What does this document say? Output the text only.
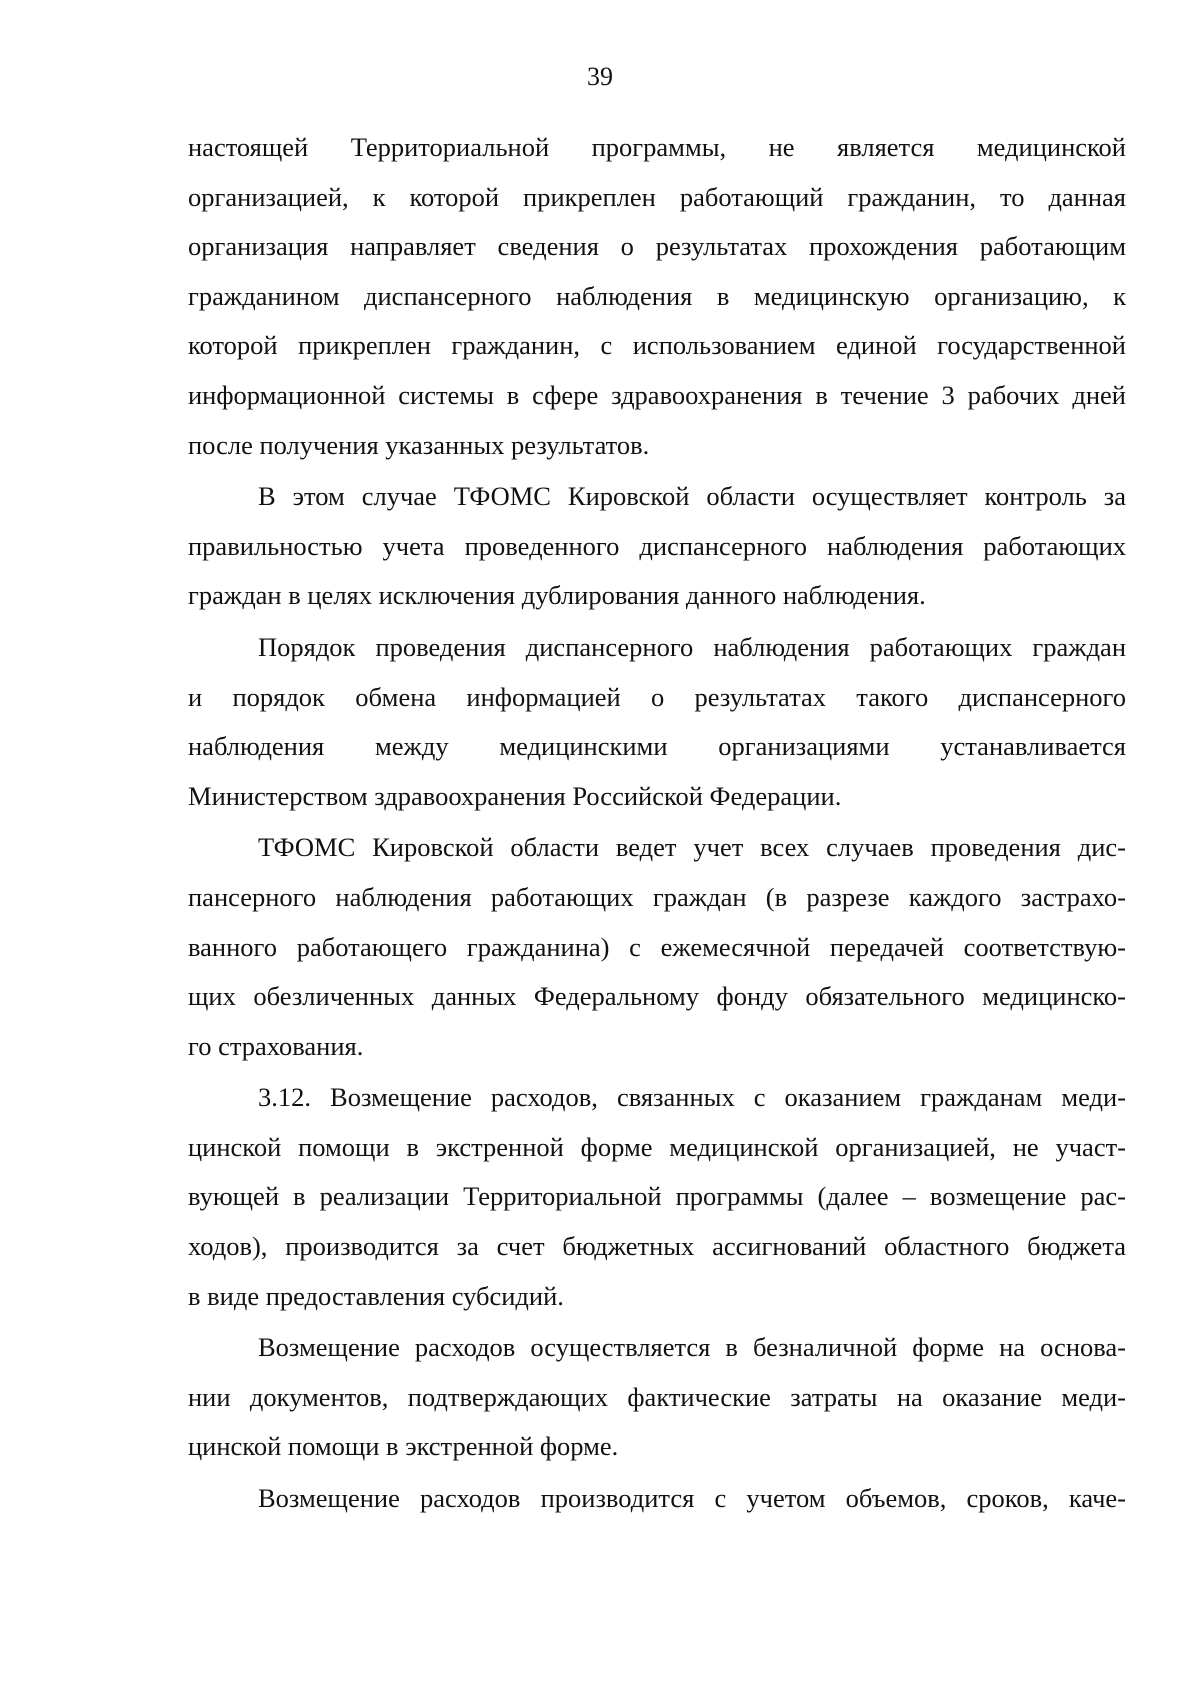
39
настоящей Территориальной программы, не является медицинской
организацией, к которой прикреплен работающий гражданин, то данная
организация направляет сведения о результатах прохождения работающим
гражданином диспансерного наблюдения в медицинскую организацию, к
которой прикреплен гражданин, с использованием единой государственной
информационной системы в сфере здравоохранения в течение 3 рабочих дней
после получения указанных результатов.
В этом случае ТФОМС Кировской области осуществляет контроль за
правильностью учета проведенного диспансерного наблюдения работающих
граждан в целях исключения дублирования данного наблюдения.
Порядок проведения диспансерного наблюдения работающих граждан
и порядок обмена информацией о результатах такого диспансерного
наблюдения между медицинскими организациями устанавливается
Министерством здравоохранения Российской Федерации.
ТФОМС Кировской области ведет учет всех случаев проведения дис-
пансерного наблюдения работающих граждан (в разрезе каждого застрахо-
ванного работающего гражданина) с ежемесячной передачей соответствую-
щих обезличенных данных Федеральному фонду обязательного медицинско-
го страхования.
3.12. Возмещение расходов, связанных с оказанием гражданам меди-
цинской помощи в экстренной форме медицинской организацией, не участ-
вующей в реализации Территориальной программы (далее – возмещение рас-
ходов), производится за счет бюджетных ассигнований областного бюджета
в виде предоставления субсидий.
Возмещение расходов осуществляется в безналичной форме на основа-
нии документов, подтверждающих фактические затраты на оказание меди-
цинской помощи в экстренной форме.
Возмещение расходов производится с учетом объемов, сроков, каче-
